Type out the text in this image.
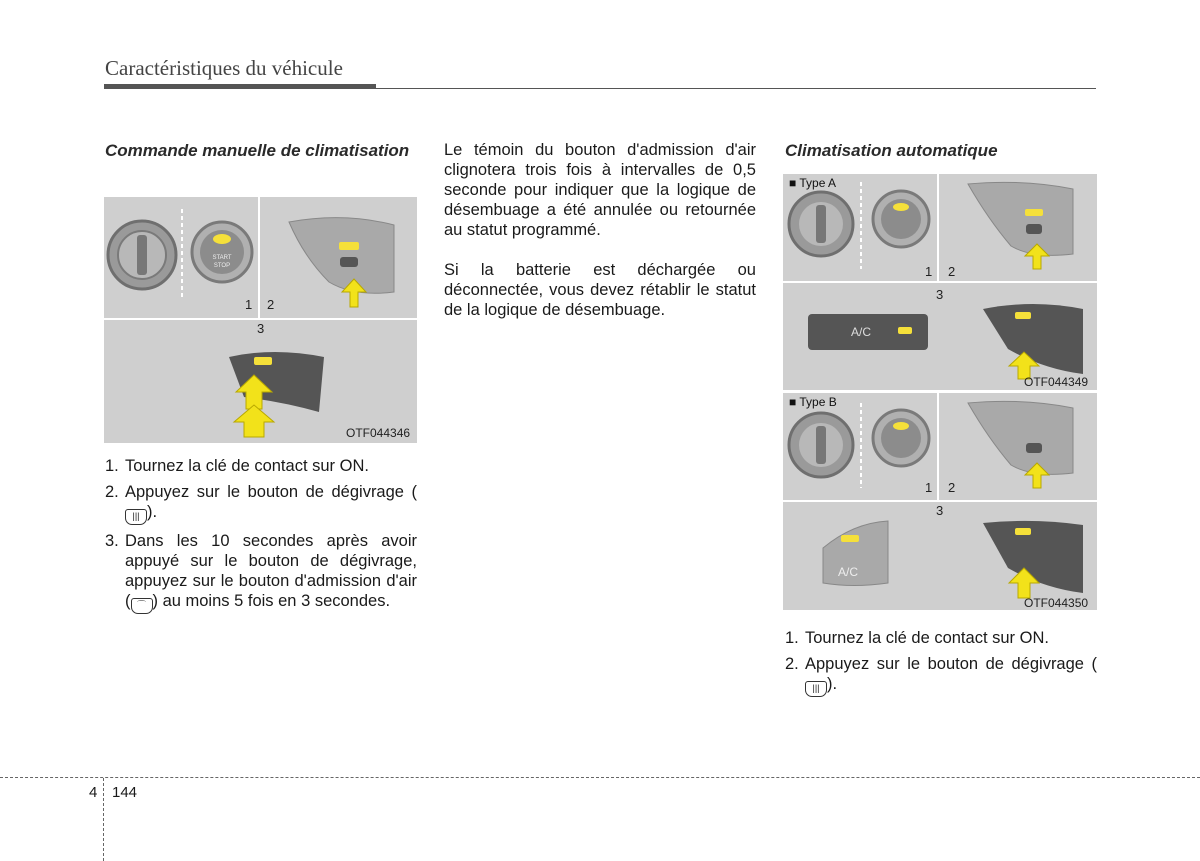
Caractéristiques du véhicule
Commande manuelle de climatisation
START
STOP
1 2
3
OTF044346
1. Tournez la clé de contact sur ON.
2. Appuyez sur le bouton de dégivrage (||| ).
3. Dans les 10 secondes après avoir appuyé sur le bouton de dégivrage, appuyez sur le bouton d'admission d'air ( ⌒ ) au moins 5 fois en 3 secondes.
Le témoin du bouton d'admission d'air clignotera trois fois à intervalles de 0,5 seconde pour indiquer que la logique de désembuage a été annulée ou retournée au statut programmé.
Si la batterie est déchargée ou déconnectée, vous devez rétablir le statut de la logique de désembuage.
Climatisation automatique
■ Type A
1 2
3
A/C
OTF044349
■ Type B
1 2
3
A/C
OTF044350
1. Tournez la clé de contact sur ON.
2. Appuyez sur le bouton de dégivrage (||| ).
4 144
